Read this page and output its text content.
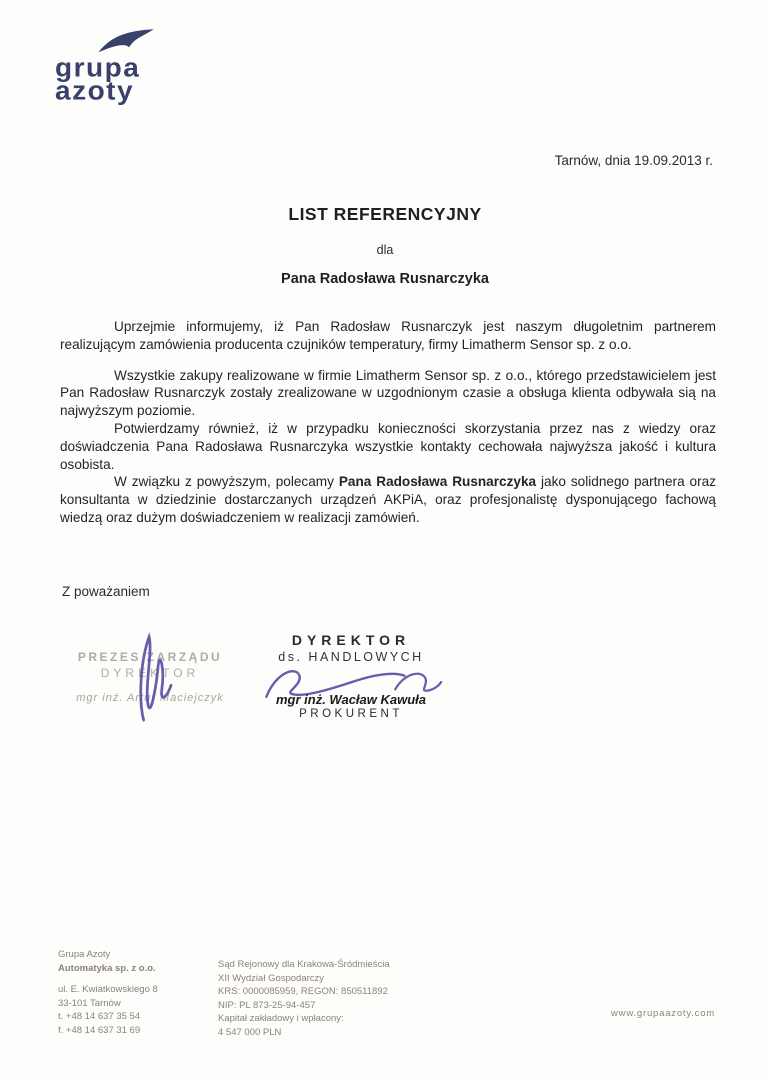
grupa
azoty
Tarnów, dnia 19.09.2013 r.
LIST REFERENCYJNY
dla
Pana Radosława Rusnarczyka

Uprzejmie informujemy, iż Pan Radosław Rusnarczyk jest naszym długoletnim partnerem realizującym zamówienia producenta czujników temperatury, firmy Limatherm Sensor sp. z o.o.

Wszystkie zakupy realizowane w firmie Limatherm Sensor sp. z o.o., którego przedstawicielem jest Pan Radosław Rusnarczyk zostały zrealizowane w uzgodnionym czasie a obsługa klienta odbywała sią na najwyższym poziomie.

Potwierdzamy również, iż w przypadku konieczności skorzystania przez nas z wiedzy oraz doświadczenia Pana Radosława Rusnarczyka wszystkie kontakty cechowała najwyższa jakość i kultura osobista.

W związku z powyższym, polecamy Pana Radosława Rusnarczyka jako solidnego partnera oraz konsultanta w dziedzinie dostarczanych urządzeń AKPiA, oraz profesjonalistę dysponującego fachową wiedzą oraz dużym doświadczeniem w realizacji zamówień.

Z poważaniem
PREZES ZARZĄDU
DYREKTOR
mgr inż. Artur Maciejczyk
DYREKTOR
ds. HANDLOWYCH
mgr inż. Wacław Kawuła
PROKURENT
Grupa Azoty
Automatyka sp. z o.o.
ul. E. Kwiatkowskiego 8
33-101 Tarnów
t. +48 14 637 35 54
f. +48 14 637 31 69
Sąd Rejonowy dla Krakowa-Śródmieścia
XII Wydział Gospodarczy
KRS: 0000085959, REGON: 850511892
NIP: PL 873-25-94-457
Kapitał zakładowy i wpłacony:
4 547 000 PLN
www.grupaazoty.com
